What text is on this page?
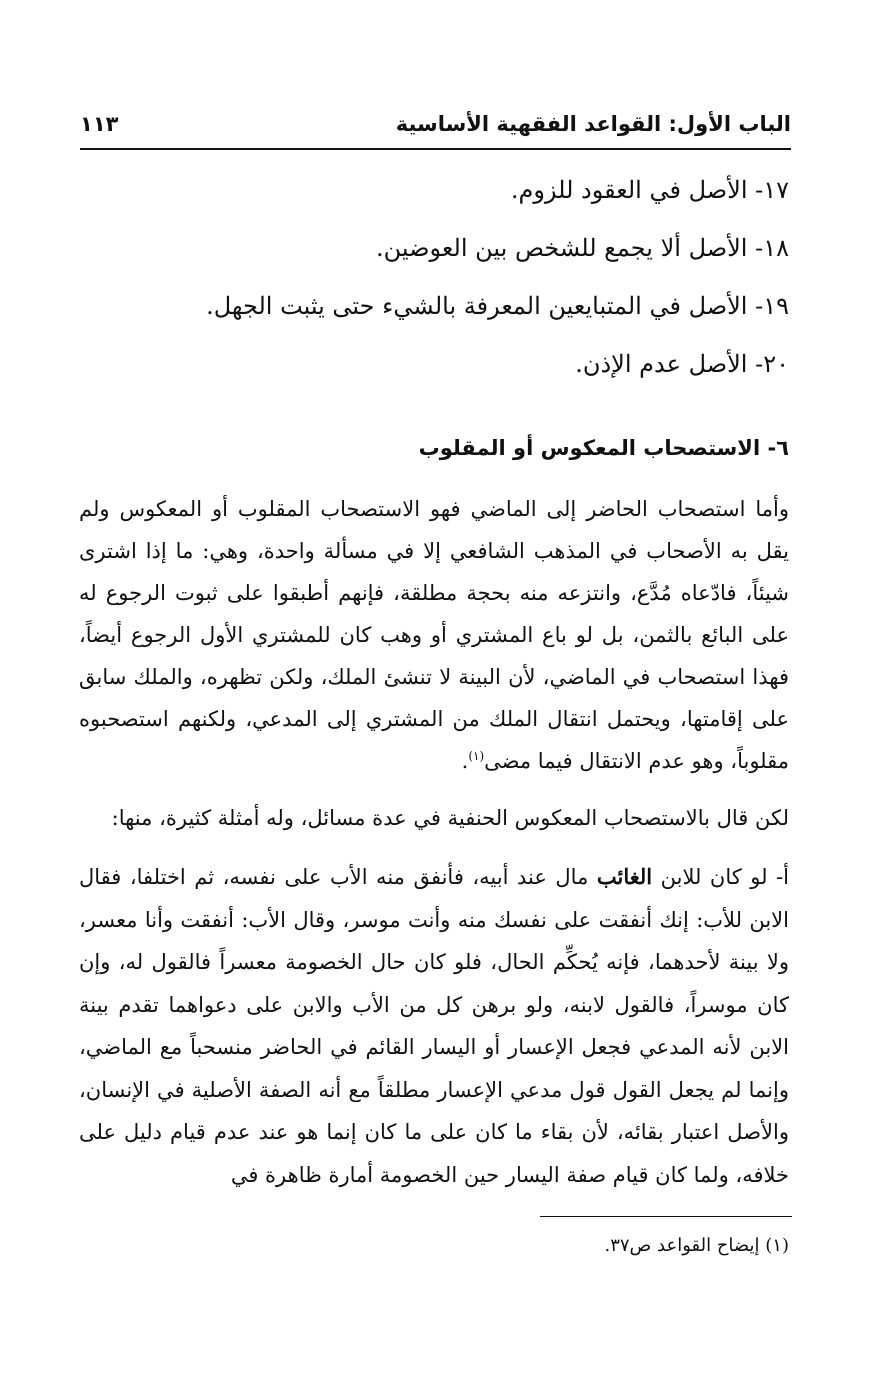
الباب الأول: القواعد الفقهية الأساسية
١١٣
١٧- الأصل في العقود للزوم.
١٨- الأصل ألا يجمع للشخص بين العوضين.
١٩- الأصل في المتبايعين المعرفة بالشيء حتى يثبت الجهل.
٢٠- الأصل عدم الإذن.
٦- الاستصحاب المعكوس أو المقلوب
وأما استصحاب الحاضر إلى الماضي فهو الاستصحاب المقلوب أو المعكوس ولم يقل به الأصحاب في المذهب الشافعي إلا في مسألة واحدة، وهي: ما إذا اشترى شيئاً، فادّعاه مُدَّع، وانتزعه منه بحجة مطلقة، فإنهم أطبقوا على ثبوت الرجوع له على البائع بالثمن، بل لو باع المشتري أو وهب كان للمشتري الأول الرجوع أيضاً، فهذا استصحاب في الماضي، لأن البينة لا تنشئ الملك، ولكن تظهره، والملك سابق على إقامتها، ويحتمل انتقال الملك من المشتري إلى المدعي، ولكنهم استصحبوه مقلوباً، وهو عدم الانتقال فيما مضى$^{(١)}$.
لكن قال بالاستصحاب المعكوس الحنفية في عدة مسائل، وله أمثلة كثيرة، منها:
أ- لو كان للابن الغائب مال عند أبيه، فأنفق منه الأب على نفسه، ثم اختلفا، فقال الابن للأب: إنك أنفقت على نفسك منه وأنت موسر، وقال الأب: أنفقت وأنا معسر، ولا بينة لأحدهما، فإنه يُحكِّم الحال، فلو كان حال الخصومة معسراً فالقول له، وإن كان موسراً، فالقول لابنه، ولو برهن كل من الأب والابن على دعواهما تقدم بينة الابن لأنه المدعي فجعل الإعسار أو اليسار القائم في الحاضر منسحباً مع الماضي، وإنما لم يجعل القول قول مدعي الإعسار مطلقاً مع أنه الصفة الأصلية في الإنسان، والأصل اعتبار بقائه، لأن بقاء ما كان على ما كان إنما هو عند عدم قيام دليل على خلافه، ولما كان قيام صفة اليسار حين الخصومة أمارة ظاهرة في
(١) إيضاح القواعد ص٣٧.
